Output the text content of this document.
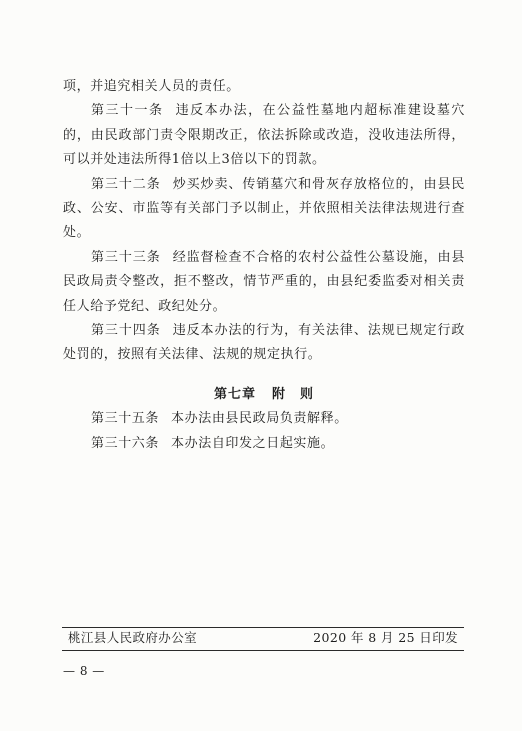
项，并追究相关人员的责任。

第三十一条 违反本办法，在公益性墓地内超标准建设墓穴的，由民政部门责令限期改正，依法拆除或改造，没收违法所得，可以并处违法所得1倍以上3倍以下的罚款。

第三十二条 炒买炒卖、传销墓穴和骨灰存放格位的，由县民政、公安、市监等有关部门予以制止，并依照相关法律法规进行查处。

第三十三条 经监督检查不合格的农村公益性公墓设施，由县民政局责令整改，拒不整改，情节严重的，由县纪委监委对相关责任人给予党纪、政纪处分。

第三十四条 违反本办法的行为，有关法律、法规已规定行政处罚的，按照有关法律、法规的规定执行。

第七章 附　则

第三十五条 本办法由县民政局负责解释。

第三十六条 本办法自印发之日起实施。

桃江县人民政府办公室	2020 年 8 月 25 日印发
— 8 —
